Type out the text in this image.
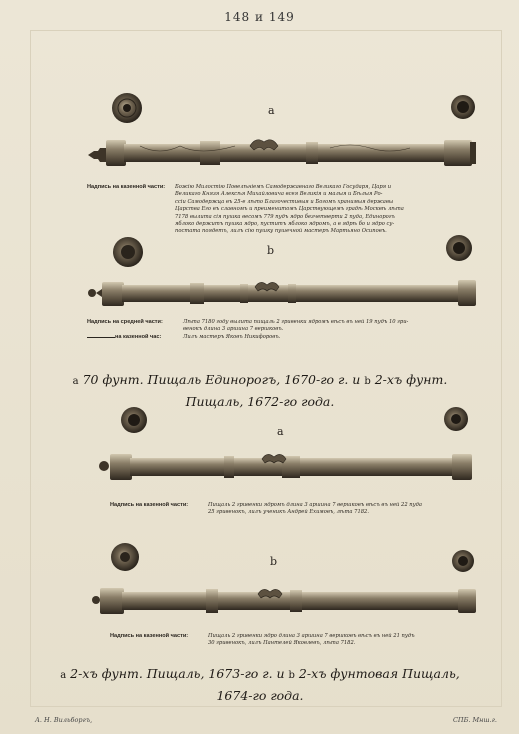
148 и 149
a
Надпись на казенной части:	Божію Милостію Повелѣніемъ Самодержавнаго Великаго Государя, Царя и
Великаго Князя Алексѣя Михайловича всея Великія и малыя и Бѣлыя Ро-
ссіи Самодержца въ 25-е лѣто Благочестивыя и Богомъ хранимыя державы
Царства Его въ славномъ и преименитомъ Царствующемъ градѣ Москвѣ лѣта
7178 вылита сія пушка весомъ 779 пудъ ядро безчетверти 2 пуда, Единорогъ
яблоко держитъ пушка ядро, пуститъ яблоко ядромъ, а в ядрѣ бо и ядро су-
постата поядетъ, лилъ сію пушку пушечной мастеръ Мартьяно Осиповъ.
b
Надпись на средней части:	Лѣта 7180 году вылита пищаль 2 гривенки ядромъ вѣсъ въ ней 19 пудъ 10 гри-
венокъ длина 3 аршина 7 вершковъ.
на казенной час:	Лилъ мастеръ Яковъ Никифоровъ.
a 70 фунт. Пищаль Единорогъ, 1670-го г. и b 2-хъ фунт.
Пищаль, 1672-го года.
a
Надпись на казенной части:	Пищаль 2 гривенки ядромъ длина 3 аршина 7 вершковъ вѣсъ въ ней 22 пуда
25 гривенокъ, лилъ ученикъ Андрей Ехимовъ, лѣта 7182.
b
Надпись на казенной части:	Пищаль 2 гривенки ядро длина 3 аршина 7 вершковъ вѣсъ въ ней 21 пудъ
30 гривенокъ, лилъ Пантелей Яковлевъ, лѣта 7182.
a 2-хъ фунт. Пищаль, 1673-го г. и b 2-хъ фунтовая Пищаль,
1674-го года.
А. Н. Вильборгъ,	СПБ. Мнш.г.
